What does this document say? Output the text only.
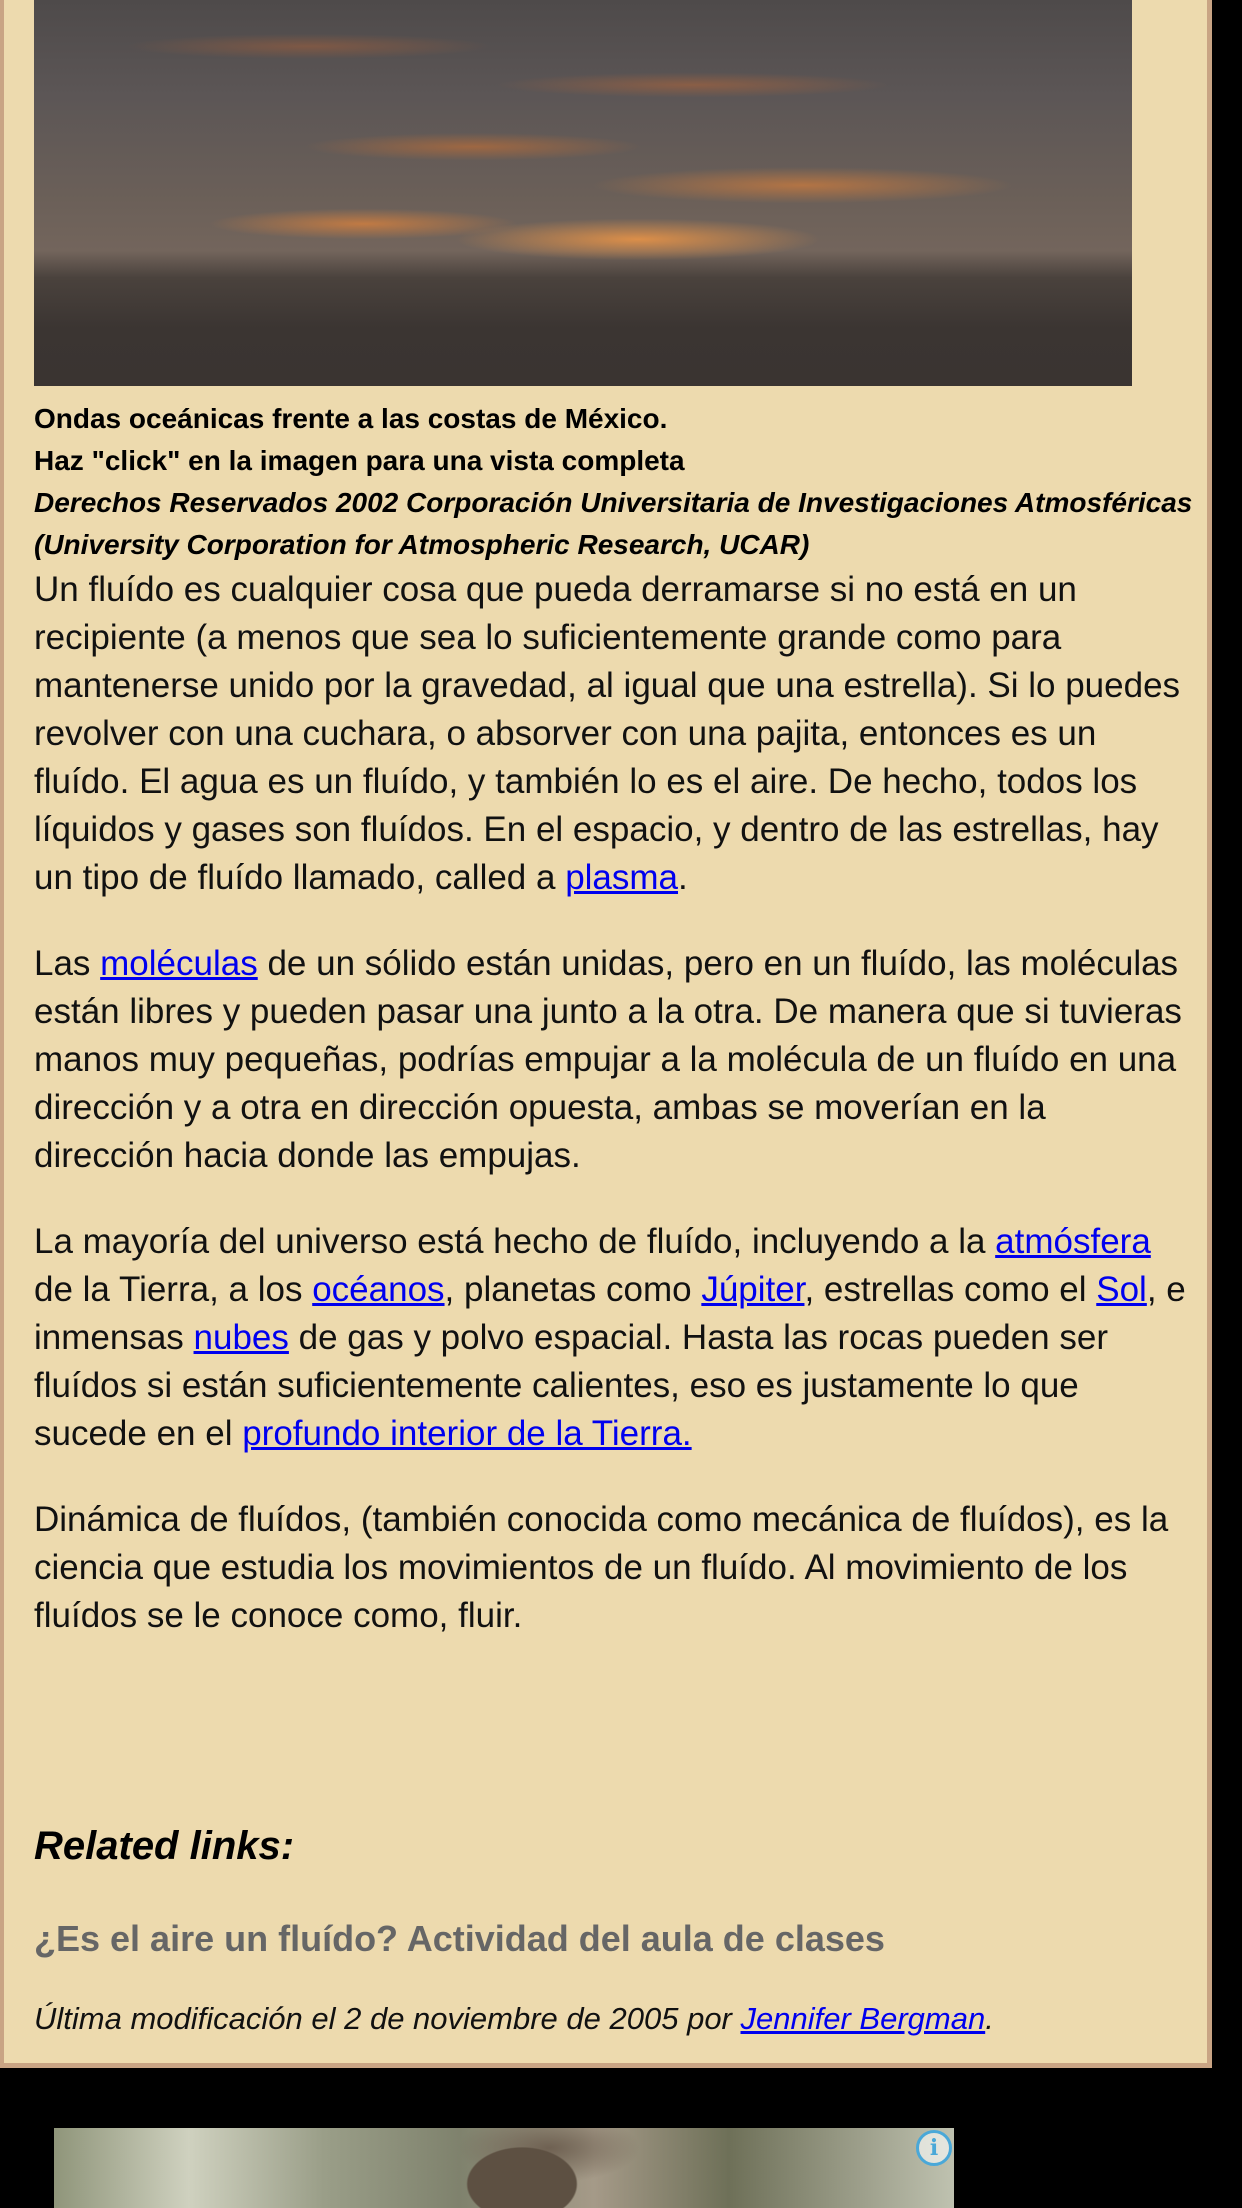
Ondas oceánicas frente a las costas de México.
Haz "click" en la imagen para una vista completa
Derechos Reservados 2002 Corporación Universitaria de Investigaciones Atmosféricas (University Corporation for Atmospheric Research, UCAR)

Un fluído es cualquier cosa que pueda derramarse si no está en un recipiente (a menos que sea lo suficientemente grande como para mantenerse unido por la gravedad, al igual que una estrella). Si lo puedes revolver con una cuchara, o absorver con una pajita, entonces es un fluído. El agua es un fluído, y también lo es el aire. De hecho, todos los líquidos y gases son fluídos. En el espacio, y dentro de las estrellas, hay un tipo de fluído llamado, called a plasma.

Las moléculas de un sólido están unidas, pero en un fluído, las moléculas están libres y pueden pasar una junto a la otra. De manera que si tuvieras manos muy pequeñas, podrías empujar a la molécula de un fluído en una dirección y a otra en dirección opuesta, ambas se moverían en la dirección hacia donde las empujas.

La mayoría del universo está hecho de fluído, incluyendo a la atmósfera de la Tierra, a los océanos, planetas como Júpiter, estrellas como el Sol, e inmensas nubes de gas y polvo espacial. Hasta las rocas pueden ser fluídos si están suficientemente calientes, eso es justamente lo que sucede en el profundo interior de la Tierra.

Dinámica de fluídos, (también conocida como mecánica de fluídos), es la ciencia que estudia los movimientos de un fluído. Al movimiento de los fluídos se le conoce como, fluir.

Related links:
¿Es el aire un fluído? Actividad del aula de clases
Última modificación el 2 de noviembre de 2005 por Jennifer Bergman.
i
